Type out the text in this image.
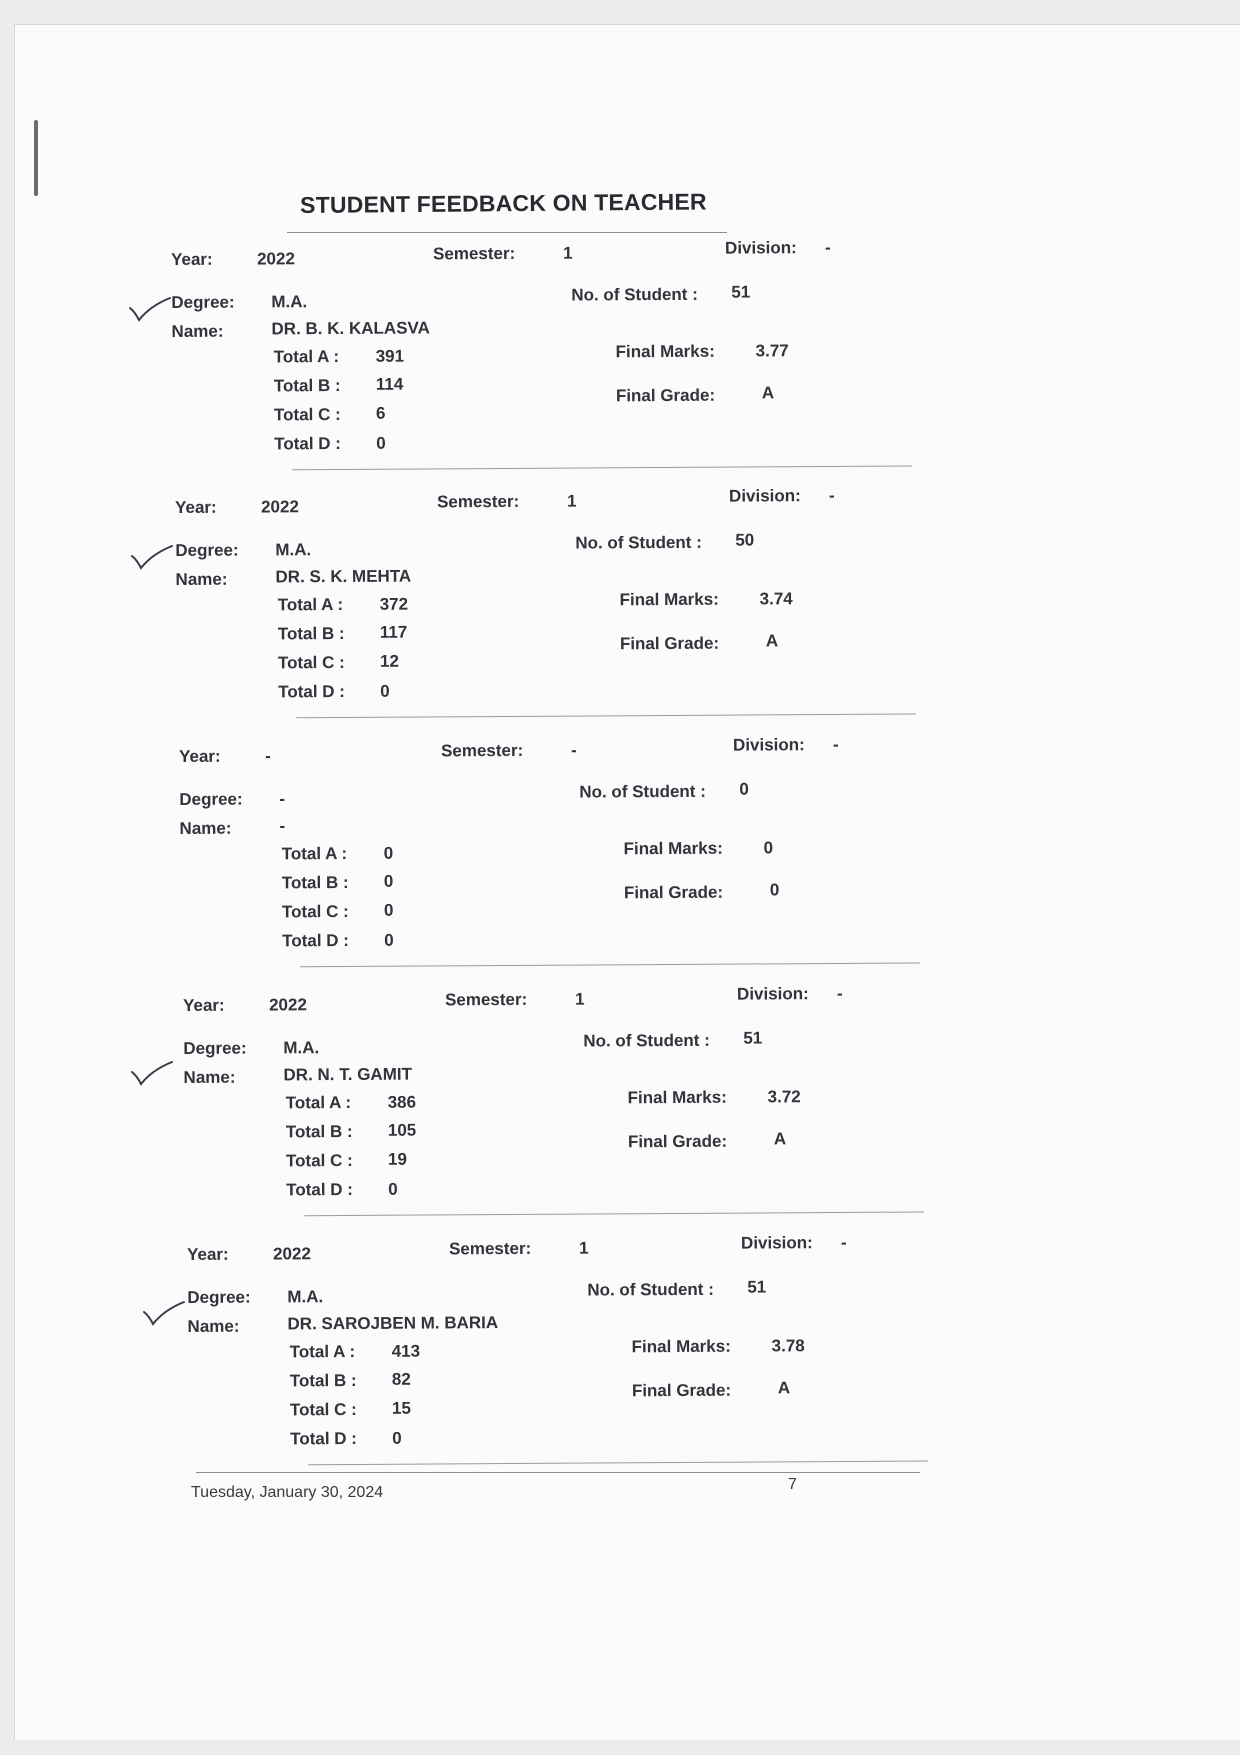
STUDENT FEEDBACK ON TEACHER
Year:	2022	Semester:	1	Division: -
Degree: M.A.	No. of Student : 51
Name:	DR. B. K. KALASVA
Total A : 391
Total B : 114
Total C : 6
Total D : 0
Final Marks: 3.77
Final Grade:	A
Year:	2022	Semester:	1	Division: -
Degree: M.A.	No. of Student : 50
Name:	DR. S. K. MEHTA
Total A : 372
Total B : 117
Total C : 12
Total D : 0
Final Marks: 3.74
Final Grade:	A
Year:	-	Semester:	-	Division: -
Degree: -	No. of Student : 0
Name:	-
Total A : 0
Total B : 0
Total C : 0
Total D : 0
Final Marks: 0
Final Grade:	0
Year:	2022	Semester:	1	Division: -
Degree: M.A.	No. of Student : 51
Name:	DR. N. T. GAMIT
Total A : 386
Total B : 105
Total C : 19
Total D : 0
Final Marks: 3.72
Final Grade:	A
Year:	2022	Semester:	1	Division: -
Degree: M.A.	No. of Student : 51
Name:	DR. SAROJBEN M. BARIA
Total A : 413
Total B : 82
Total C : 15
Total D : 0
Final Marks: 3.78
Final Grade:	A
Tuesday, January 30, 2024	7
